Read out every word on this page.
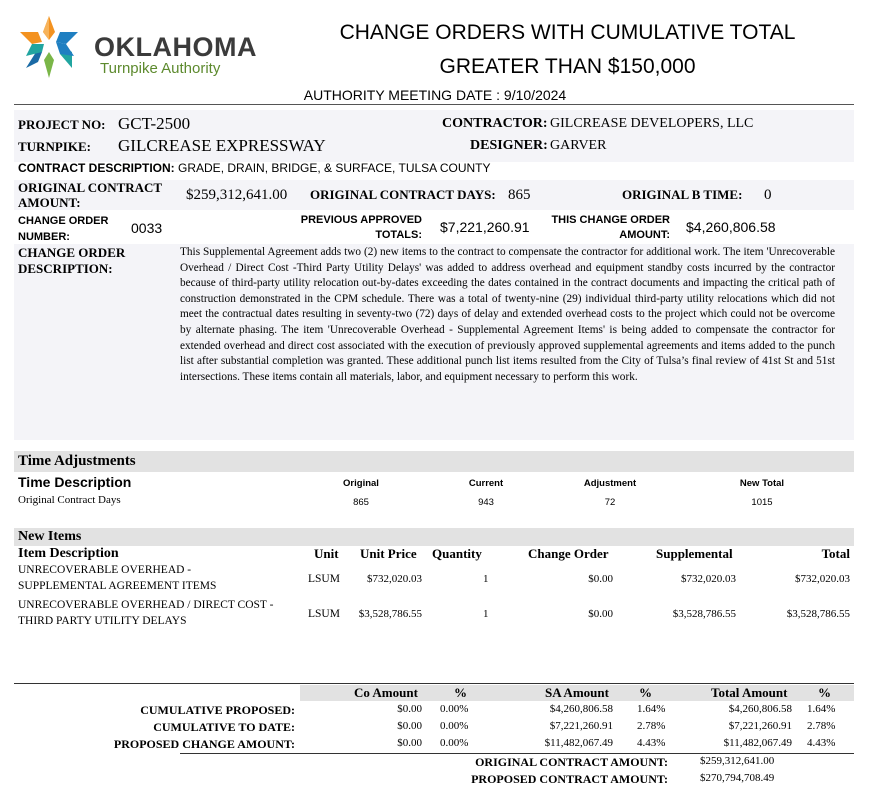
OKLAHOMA
Turnpike Authority
CHANGE ORDERS WITH CUMULATIVE TOTAL
GREATER THAN $150,000
AUTHORITY MEETING DATE : 9/10/2024
PROJECT NO: GCT-2500
TURNPIKE: GILCREASE EXPRESSWAY
CONTRACTOR: GILCREASE DEVELOPERS, LLC
DESIGNER: GARVER
CONTRACT DESCRIPTION: GRADE, DRAIN, BRIDGE, & SURFACE, TULSA COUNTY
ORIGINAL CONTRACT
AMOUNT:	$259,312,641.00 ORIGINAL CONTRACT DAYS: 865	ORIGINAL B TIME: 0
CHANGE ORDER
NUMBER:
0033	PREVIOUS APPROVED
TOTALS: $7,221,260.91	THIS CHANGE ORDER
AMOUNT: $4,260,806.58
CHANGE ORDER
DESCRIPTION:
This Supplemental Agreement adds two (2) new items to the contract to compensate the contractor for additional work. The item 'Unrecoverable Overhead / Direct Cost -Third Party Utility Delays' was added to address overhead and equipment standby costs incurred by the contractor because of third-party utility relocation out-by-dates exceeding the dates contained in the contract documents and impacting the critical path of construction demonstrated in the CPM schedule. There was a total of twenty-nine (29) individual third-party utility relocations which did not meet the contractual dates resulting in seventy-two (72) days of delay and extended overhead costs to the project which could not be overcome by alternate phasing. The item 'Unrecoverable Overhead - Supplemental Agreement Items' is being added to compensate the contractor for extended overhead and direct cost associated with the execution of previously approved supplemental agreements and items added to the punch list after substantial completion was granted. These additional punch list items resulted from the City of Tulsa’s final review of 41st St and 51st intersections. These items contain all materials, labor, and equipment necessary to perform this work.
Time Adjustments
Time Description	Original	Current	Adjustment	New Total
Original Contract Days	865	943	72	1015
New Items
Item Description	Unit Unit Price Quantity	Change Order	Supplemental	Total
UNRECOVERABLE OVERHEAD -
SUPPLEMENTAL AGREEMENT ITEMS
LSUM	$732,020.03	1	$0.00	$732,020.03	$732,020.03
UNRECOVERABLE OVERHEAD / DIRECT COST -
THIRD PARTY UTILITY DELAYS
LSUM	$3,528,786.55	1	$0.00	$3,528,786.55	$3,528,786.55
Co Amount	%	SA Amount %	Total Amount %
CUMULATIVE PROPOSED:	$0.00 0.00%	$4,260,806.58 1.64%	$4,260,806.58 1.64%
CUMULATIVE TO DATE:	$0.00 0.00%	$7,221,260.91 2.78%	$7,221,260.91 2.78%
PROPOSED CHANGE AMOUNT:	$0.00 0.00%	$11,482,067.49 4.43%	$11,482,067.49 4.43%
ORIGINAL CONTRACT AMOUNT:	$259,312,641.00
PROPOSED CONTRACT AMOUNT:	$270,794,708.49
